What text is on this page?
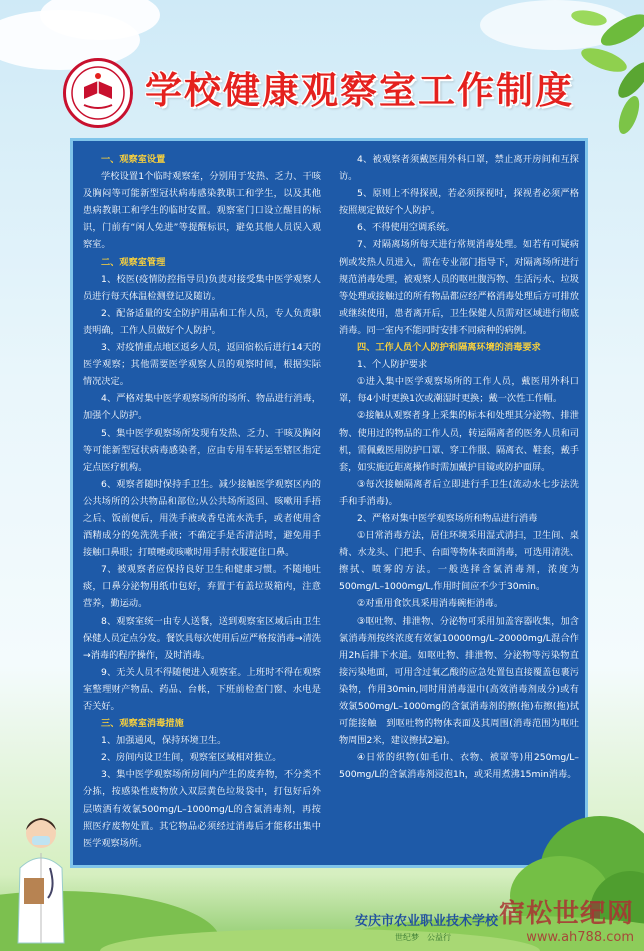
学校健康观察室工作制度
一、观察室设置
学校设置1个临时观察室，分别用于发热、乏力、干咳及胸闷等可能新型冠状病毒感染教职工和学生，以及其他患病教职工和学生的临时安置。观察室门口设立醒目的标识，门前有“闲人免进”等提醒标识，避免其他人员误入观察室。
二、观察室管理
1、校医(疫情防控指导员)负责对接受集中医学观察人员进行每天体温检测登记及随访。
2、配备适量的安全防护用品和工作人员，专人负责职责明确，工作人员做好个人防护。
3、对疫情重点地区返乡人员，返回宿松后进行14天的医学观察；其他需要医学观察人员的观察时间，根据实际情况决定。
4、严格对集中医学观察场所的场所、物品进行消毒，加强个人防护。
5、集中医学观察场所发现有发热、乏力、干咳及胸闷等可能新型冠状病毒感染者，应由专用车转运至辖区指定定点医疗机构。
6、观察者随时保持手卫生。减少接触医学观察区内的公共场所的公共物品和部位;从公共场所返回、咳嗽用手捂之后、饭前便后，用洗手液或香皂流水洗手，或者使用含酒精成分的免洗洗手液；不确定手是否清洁时，避免用手接触口鼻眼；打喷嚏或咳嗽时用手肘衣服遮住口鼻。
7、被观察者应保持良好卫生和健康习惯。不随地吐痰，口鼻分泌物用纸巾包好，弃置于有盖垃圾箱内，注意营养，勤运动。
8、观察室统一由专人送餐，送到观察室区域后由卫生保健人员定点分发。餐饮具每次使用后应严格按消毒→清洗→消毒的程序操作，及时消毒。
9、无关人员不得随便进入观察室。上班时不得在观察室整理财产物品、药品、台帐，下班前检查门窗、水电是否关好。
三、观察室消毒措施
1、加强通风，保持环境卫生。
2、房间内设卫生间，观察室区域相对独立。
3、集中医学观察场所房间内产生的废弃物，不分类不分拣，按感染性废物放入双层黄色垃圾袋中，打包好后外层喷洒有效氯500mg/L–1000mg/L的含氯消毒剂，再按照医疗废物处置。其它物品必须经过消毒后才能移出集中医学观察场所。
4、被观察者须戴医用外科口罩，禁止离开房间和互探访。
5、原则上不得探视，若必须探视时，探视者必须严格按照规定做好个人防护。
6、不得使用空调系统。
7、对隔离场所每天进行常规消毒处理。如若有可疑病例或发热人员进入，需在专业部门指导下，对隔离场所进行规范消毒处理，被观察人员的呕吐腹泻物、生活污水、垃圾等处理或接触过的所有物品都应经严格消毒处理后方可排放或继续使用，患者离开后，卫生保健人员需对区域进行彻底消毒。同一室内不能同时安排不同病种的病例。
四、工作人员个人防护和隔离环境的消毒要求
1、个人防护要求
①进入集中医学观察场所的工作人员，戴医用外科口罩，每4小时更换1次或潮湿时更换；戴一次性工作帽。
②接触从观察者身上采集的标本和处理其分泌物、排泄物、使用过的物品的工作人员，转运隔离者的医务人员和司机，需佩戴医用防护口罩、穿工作服、隔离衣、鞋套，戴手套，如实施近距离操作时需加戴护目镜或防护面屏。
③每次接触隔离者后立即进行手卫生(流动水七步法洗手和手消毒)。
2、严格对集中医学观察场所和物品进行消毒
①日常消毒方法，居住环境采用湿式清扫，卫生间、桌椅、水龙头、门把手、台面等物体表面消毒，可选用清洗、擦拭、喷雾的方法。一般选择含氯消毒剂，浓度为500mg/L–1000mg/L,作用时间应不少于30min。
②对重用食饮具采用消毒碗柜消毒。
③呕吐物、排泄物、分泌物可采用加盖容器收集，加含氯消毒剂按终浓度有效氯10000mg/L–20000mg/L混合作用2h后排下水道。如呕吐物、排泄物、分泌物等污染物直接污染地面，可用含过氧乙酸的应急处置包直接覆盖包裹污染物，作用30min,同时用消毒湿巾(高效消毒剂成分)或有效氯500mg/L–1000mg的含氯消毒剂的擦(拖)布擦(拖)拭可能接触　到呕吐物的物体表面及其周围(消毒范围为呕吐物周围2米，建议擦拭2遍)。
④日常的织物(如毛巾、衣物、被罩等)用250mg/L–500mg/L的含氯消毒剂浸泡1h，或采用煮沸15min消毒。
安庆市农业职业技术学校
世纪梦　公益行
宿松世纪网
www.ah788.com
